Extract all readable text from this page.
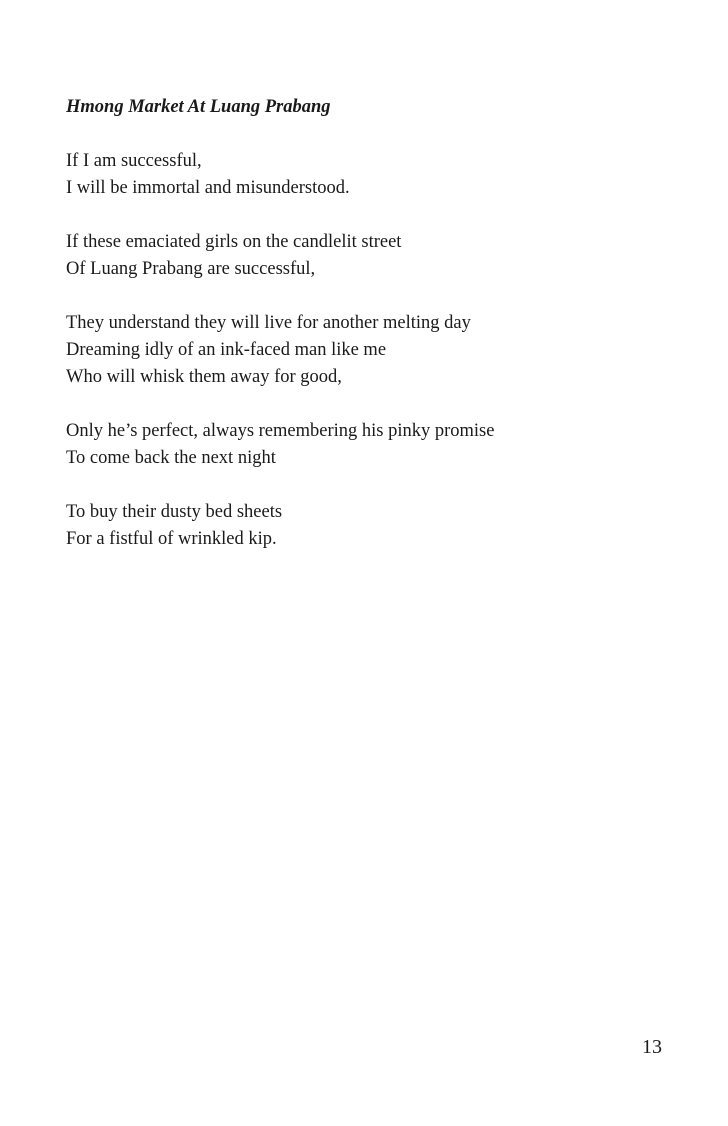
Hmong Market At Luang Prabang
If I am successful,
I will be immortal and misunderstood.
If these emaciated girls on the candlelit street
Of Luang Prabang are successful,
They understand they will live for another melting day
Dreaming idly of an ink-faced man like me
Who will whisk them away for good,
Only he’s perfect, always remembering his pinky promise
To come back the next night
To buy their dusty bed sheets
For a fistful of wrinkled kip.
13
